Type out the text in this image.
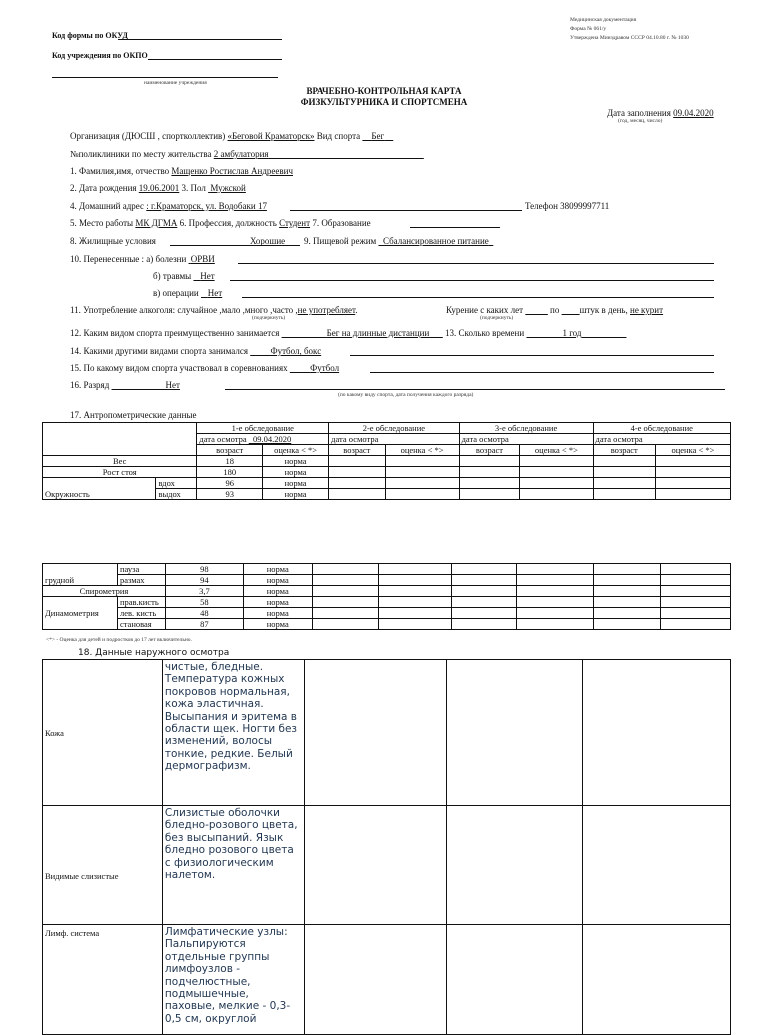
Код формы по ОКУД
Код учреждения по ОКПО
наименование учреждения
Медицинская документация
Форма № 061/у
Утверждена Минздравом СССР 04.10.80 г. № 1030
ВРАЧЕБНО-КОНТРОЛЬНАЯ КАРТА
ФИЗКУЛЬТУРНИКА И СПОРТСМЕНА
Дата заполнения 09.04.2020
(год, месяц, число)
Организация (ДЮСШ , спортколлектив) «Беговой Краматорск» Вид спорта Бег
№поликлиники по месту жительства 2 амбулатория
1. Фамилия,имя, отчество Мащенко Ростислав Андреевич
2. Дата рождения 19.06.2001 3. Пол Мужской
4. Домашний адрес : г.Краматорск, ул. Водобаки 17	Телефон 38099997711
5. Место работы МК ДГМА 6. Профессия, должность Студент 7. Образование
8. Жилищные условия	Хорошие 9. Пищевой режим Сбалансированное питание
10. Перенесенные : а) болезни ОРВИ
б) травмы Нет
в) операции Нет
11. Употребление алкоголя: случайное ,мало ,много ,часто ,не употребляет.
(подчеркнуть)
Курение с каких лет	по штук в день, не курит
(подчеркнуть)
12. Каким видом спорта преимущественно занимается	Бег на длинные дистанции 13. Сколько времени	1 год
14. Какими другими видами спорта занимался	Футбол, бокс
15. По какому видом спорта участвовал в соревнованиях	Футбол
16. Разряд	Нет
(по какому виду спорта, дата получения каждого разряда)
17. Антропометрические данные
		1-е обследование		2-е обследование		3-е обследование		4-е обследование	
		дата осмотра 09.04.2020		дата осмотра		дата осмотра		дата осмотра	
		возраст	оценка < *>	возраст	оценка < *>	возраст	оценка < *>	возраст	оценка < *>
Вес		18	норма						
Рост стоя		180	норма						
Окружность	вдох	96	норма						
	выдох	93	норма						
грудной	пауза	98	норма						
	размах	94	норма						
Спирометрия		3,7	норма						
Динамометрия	прав.кисть	58	норма						
	лев. кисть	48	норма						
	становая	87	норма						
<*> - Оценка для детей и подростков до 17 лет включительно.
18. Данные наружного осмотра
Кожа	чистые, бледные. Температура кожных покровов нормальная, кожа эластичная. Высыпания и эритема в области щек. Ногти без изменений, волосы тонкие, редкие. Белый дермографизм.			
Видимые слизистые	Слизистые оболочки бледно-розового цвета, без высыпаний. Язык бледно розового цвета с физиологическим налетом.			
Лимф. система	Лимфатические узлы: Пальпируются отдельные группы лимфоузлов - подчелюстные, подмышечные, паховые, мелкие - 0,3-0,5 см, округлой			
